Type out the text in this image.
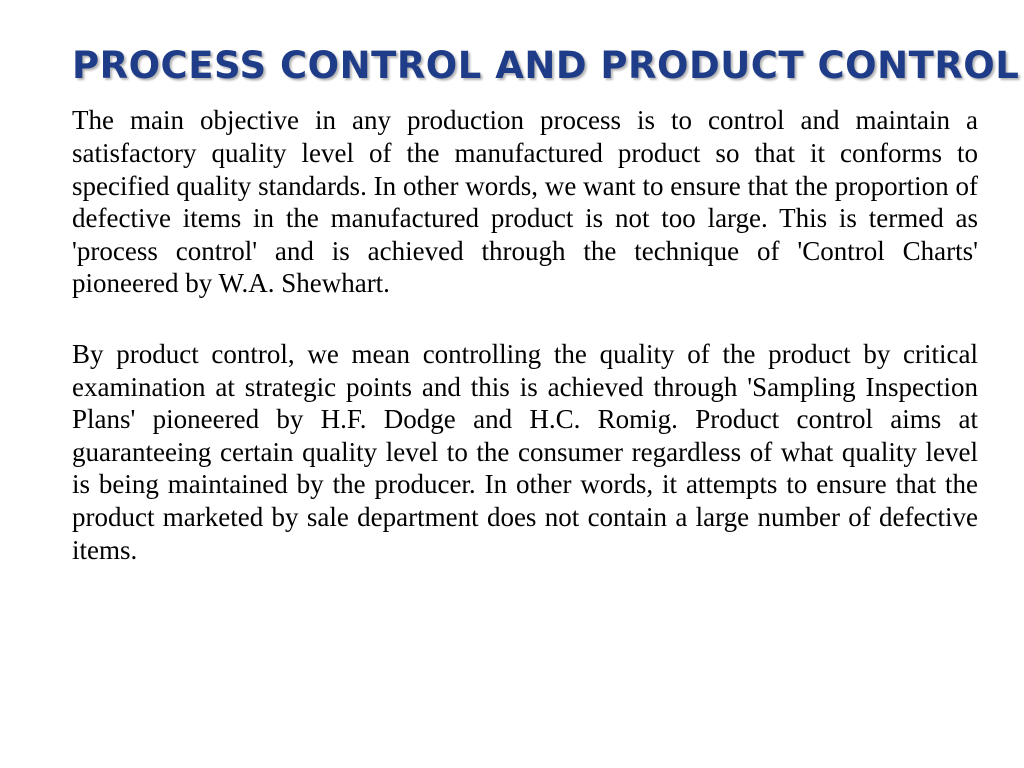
PROCESS CONTROL AND PRODUCT CONTROL

The main objective in any production process is to control and maintain a satisfactory quality level of the manufactured product so that it conforms to specified quality standards. In other words, we want to ensure that the proportion of defective items in the manufactured product is not too large. This is termed as 'process control' and is achieved through the technique of 'Control Charts' pioneered by W.A. Shewhart.

By product control, we mean controlling the quality of the product by critical examination at strategic points and this is achieved through 'Sampling Inspection Plans' pioneered by H.F. Dodge and H.C. Romig. Product control aims at guaranteeing certain quality level to the consumer regardless of what quality level is being maintained by the producer. In other words, it attempts to ensure that the product marketed by sale department does not contain a large number of defective items.
